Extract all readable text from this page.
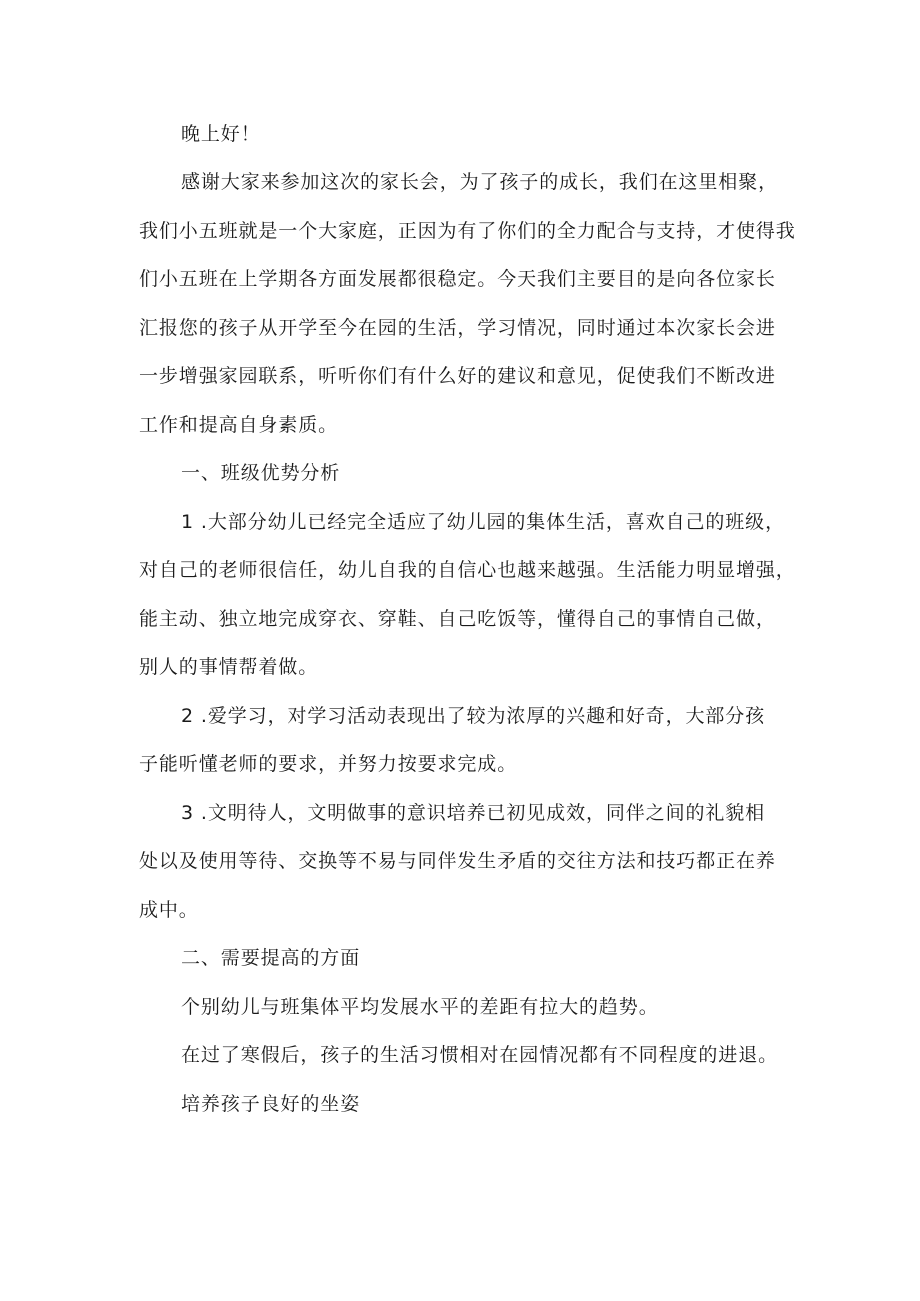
晚上好！
感谢大家来参加这次的家长会，为了孩子的成长，我们在这里相聚，
我们小五班就是一个大家庭，正因为有了你们的全力配合与支持，才使得我
们小五班在上学期各方面发展都很稳定。今天我们主要目的是向各位家长
汇报您的孩子从开学至今在园的生活，学习情况，同时通过本次家长会进
一步增强家园联系，听听你们有什么好的建议和意见，促使我们不断改进
工作和提高自身素质。
一、班级优势分析
1 .大部分幼儿已经完全适应了幼儿园的集体生活，喜欢自己的班级，
对自己的老师很信任，幼儿自我的自信心也越来越强。生活能力明显增强，
能主动、独立地完成穿衣、穿鞋、自己吃饭等，懂得自己的事情自己做，
别人的事情帮着做。
2 .爱学习，对学习活动表现出了较为浓厚的兴趣和好奇，大部分孩
子能听懂老师的要求，并努力按要求完成。
3 .文明待人，文明做事的意识培养已初见成效，同伴之间的礼貌相
处以及使用等待、交换等不易与同伴发生矛盾的交往方法和技巧都正在养
成中。
二、需要提高的方面
个别幼儿与班集体平均发展水平的差距有拉大的趋势。
在过了寒假后，孩子的生活习惯相对在园情况都有不同程度的进退。
培养孩子良好的坐姿
